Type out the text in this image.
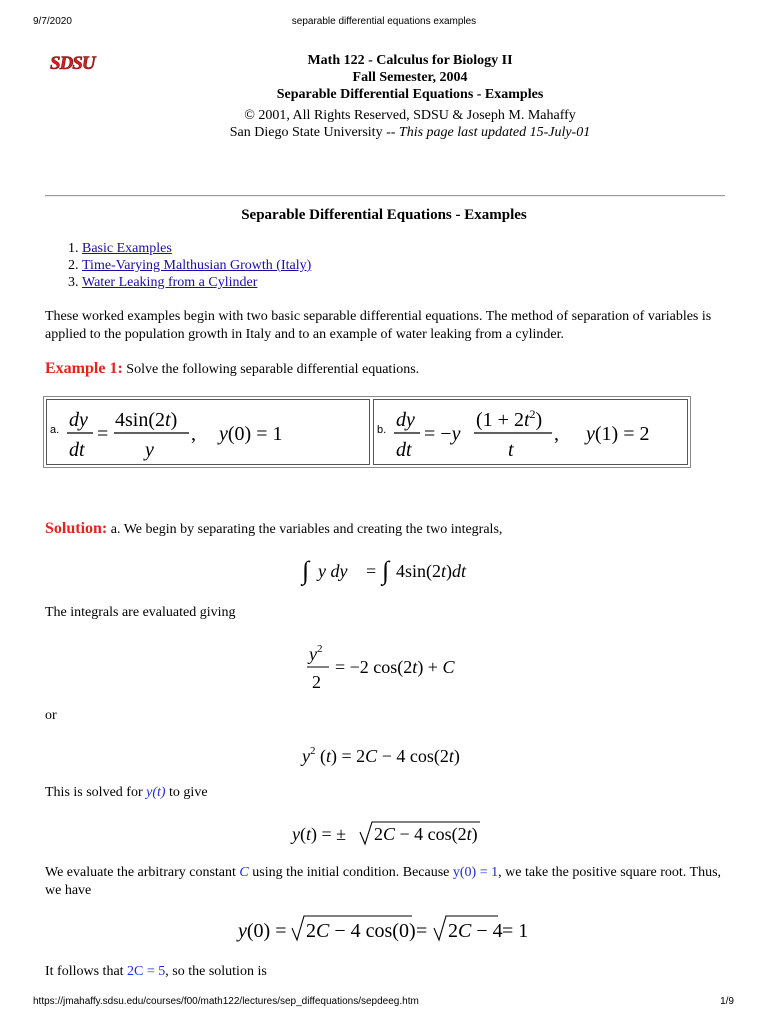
9/7/2020	separable differential equations examples
SDSU	Math 122 - Calculus for Biology II
Fall Semester, 2004
Separable Differential Equations - Examples
© 2001, All Rights Reserved, SDSU & Joseph M. Mahaffy
San Diego State University -- This page last updated 15-July-01
Separable Differential Equations - Examples
1. Basic Examples
2. Time-Varying Malthusian Growth (Italy)
3. Water Leaking from a Cylinder

These worked examples begin with two basic separable differential equations. The method of separation of variables is applied to the population growth in Italy and to an example of water leaking from a cylinder.

Example 1: Solve the following separable differential equations.

a. dy
dt
=
4sin(2t)
y
, y(0) = 1	b. dy
dt
= −y
$(1 + 2t^2)$
t
, y(1) = 2

Solution: a. We begin by separating the variables and creating the two integrals,

∫ y dy = ∫ 4sin(2t)dt

The integrals are evaluated giving

$y^2$
2
= −2 cos(2t) + C

or

$y^2$ (t) = 2C − 4 cos(2t)

This is solved for y(t) to give

y(t) = ± 2C − 4 cos(2t)

We evaluate the arbitrary constant C using the initial condition. Because y(0) = 1, we take the positive square root. Thus, we have

y(0) = 2C − 4 cos(0) = 2C − 4 = 1

It follows that 2C = 5, so the solution is

https://jmahaffy.sdsu.edu/courses/f00/math122/lectures/sep_diffequations/sepdeeg.htm	1/9
